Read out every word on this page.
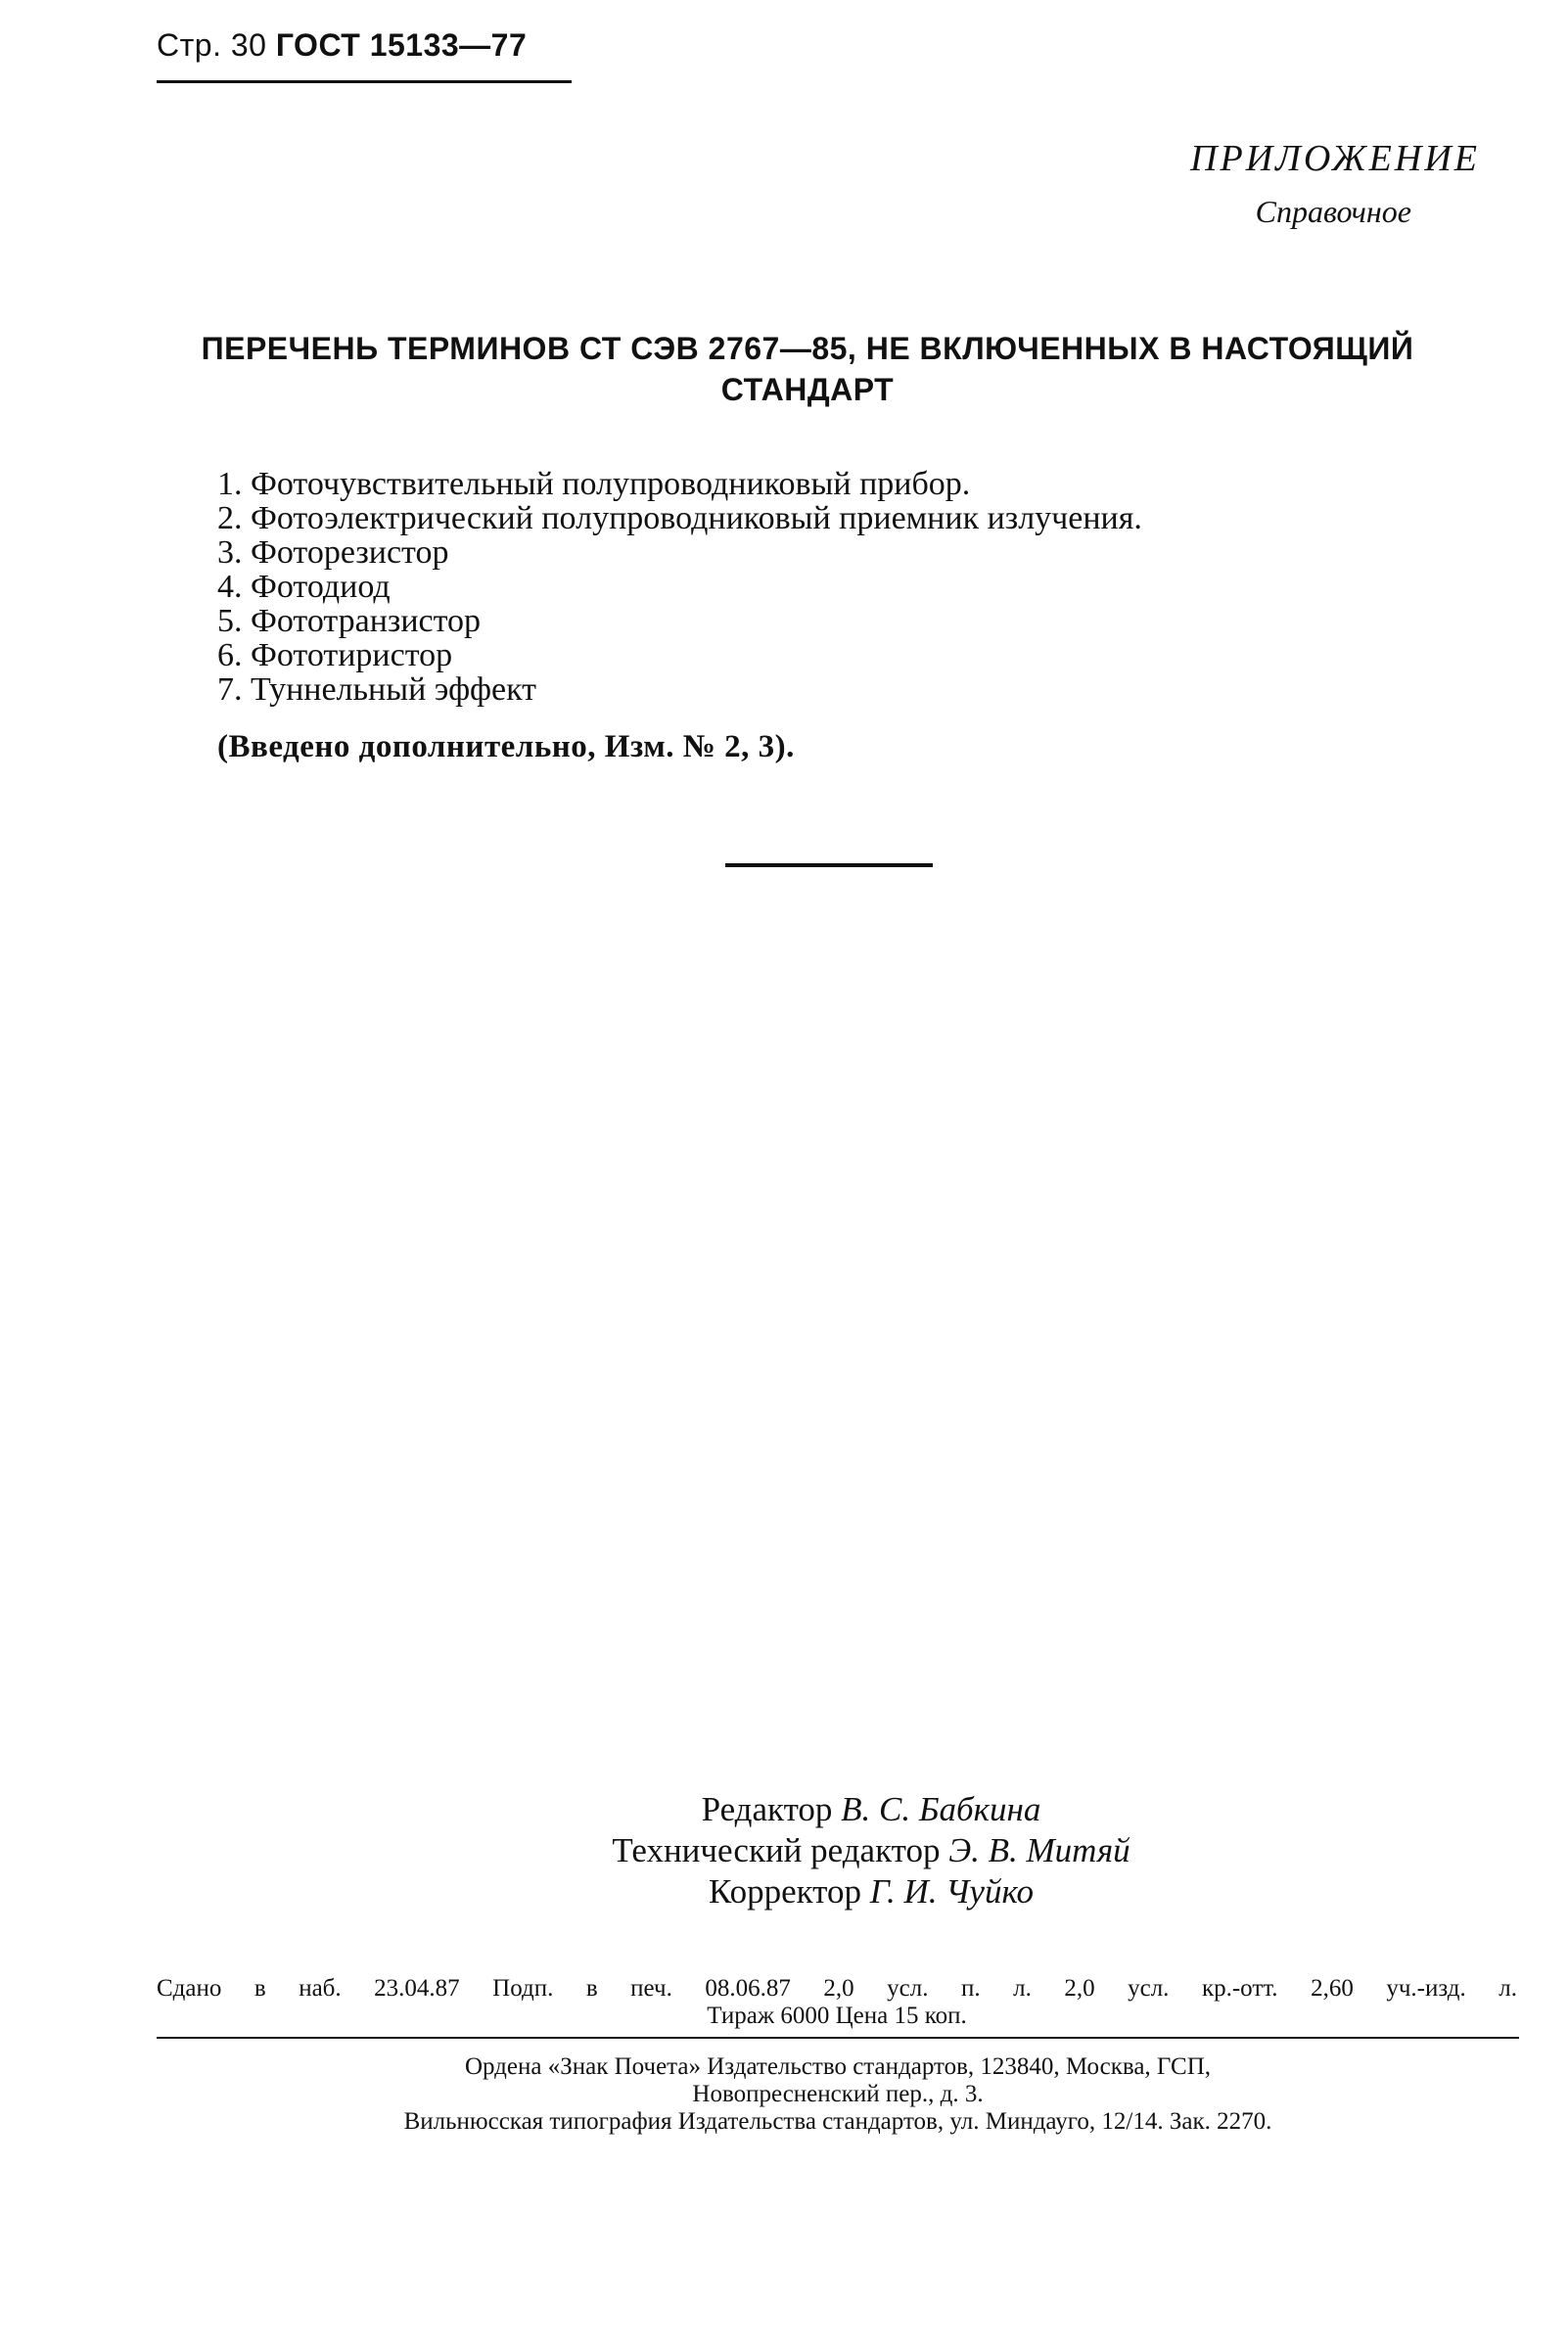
Стр. 30 ГОСТ 15133—77
ПРИЛОЖЕНИЕ
Справочное
ПЕРЕЧЕНЬ ТЕРМИНОВ СТ СЭВ 2767—85, НЕ ВКЛЮЧЕННЫХ В НАСТОЯЩИЙ
СТАНДАРТ
1. Фоточувствительный полупроводниковый прибор.
2. Фотоэлектрический полупроводниковый приемник излучения.
3. Фоторезистор
4. Фотодиод
5. Фототранзистор
6. Фототиристор
7. Туннельный эффект
(Введено дополнительно, Изм. № 2, 3).
Редактор В. С. Бабкина
Технический редактор Э. В. Митяй
Корректор Г. И. Чуйко
Сдано в наб. 23.04.87 Подп. в печ. 08.06.87 2,0 усл. п. л. 2,0 усл. кр.-отт. 2,60 уч.-изд. л.
Тираж 6000 Цена 15 коп.
Ордена «Знак Почета» Издательство стандартов, 123840, Москва, ГСП,
Новопресненский пер., д. 3.
Вильнюсская типография Издательства стандартов, ул. Миндауго, 12/14. Зак. 2270.
